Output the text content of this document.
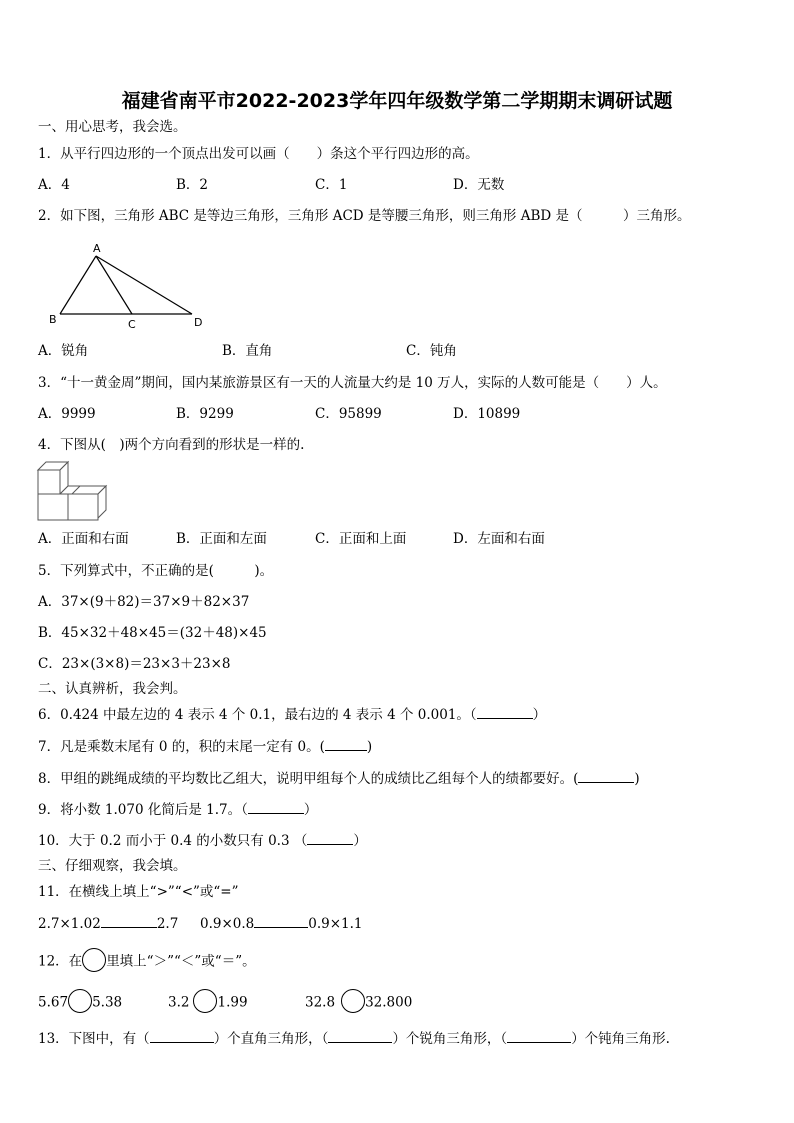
福建省南平市2022-2023学年四年级数学第二学期期末调研试题
一、用心思考，我会选。
1．从平行四边形的一个顶点出发可以画（　　）条这个平行四边形的高。
A．4	B．2	C．1	D．无数
2．如下图，三角形 ABC 是等边三角形，三角形 ACD 是等腰三角形，则三角形 ABD 是（　　　）三角形。
A
B	C	D
A．锐角	B．直角	C．钝角
3．“十一黄金周”期间，国内某旅游景区有一天的人流量大约是 10 万人，实际的人数可能是（　　）人。
A．9999	B．9299	C．95899	D．10899
4．下图从(　)两个方向看到的形状是一样的.
A．正面和右面	B．正面和左面	C．正面和上面	D．左面和右面
5．下列算式中，不正确的是(　　　)。
A．37×(9＋82)＝37×9＋82×37
B．45×32＋48×45＝(32＋48)×45
C．23×(3×8)＝23×3＋23×8
二、认真辨析，我会判。
6．0.424 中最左边的 4 表示 4 个 0.1，最右边的 4 表示 4 个 0.001。（	）
7．凡是乘数末尾有 0 的，积的末尾一定有 0。(	)
8．甲组的跳绳成绩的平均数比乙组大，说明甲组每个人的成绩比乙组每个人的绩都要好。(	)
9．将小数 1.070 化简后是 1.7。（	）
10．大于 0.2 而小于 0.4 的小数只有 0.3 （	）
三、仔细观察，我会填。
11．在横线上填上“>”“<”或“=”
2.7×1.02	2.7 0.9×0.8	0.9×1.1
12．在 里填上“＞”“＜”或“＝”。
5.67 5.38	3.2 1.99	32.8 32.800
13．下图中，有（	）个直角三角形，（	）个锐角三角形，（	）个钝角三角形.
